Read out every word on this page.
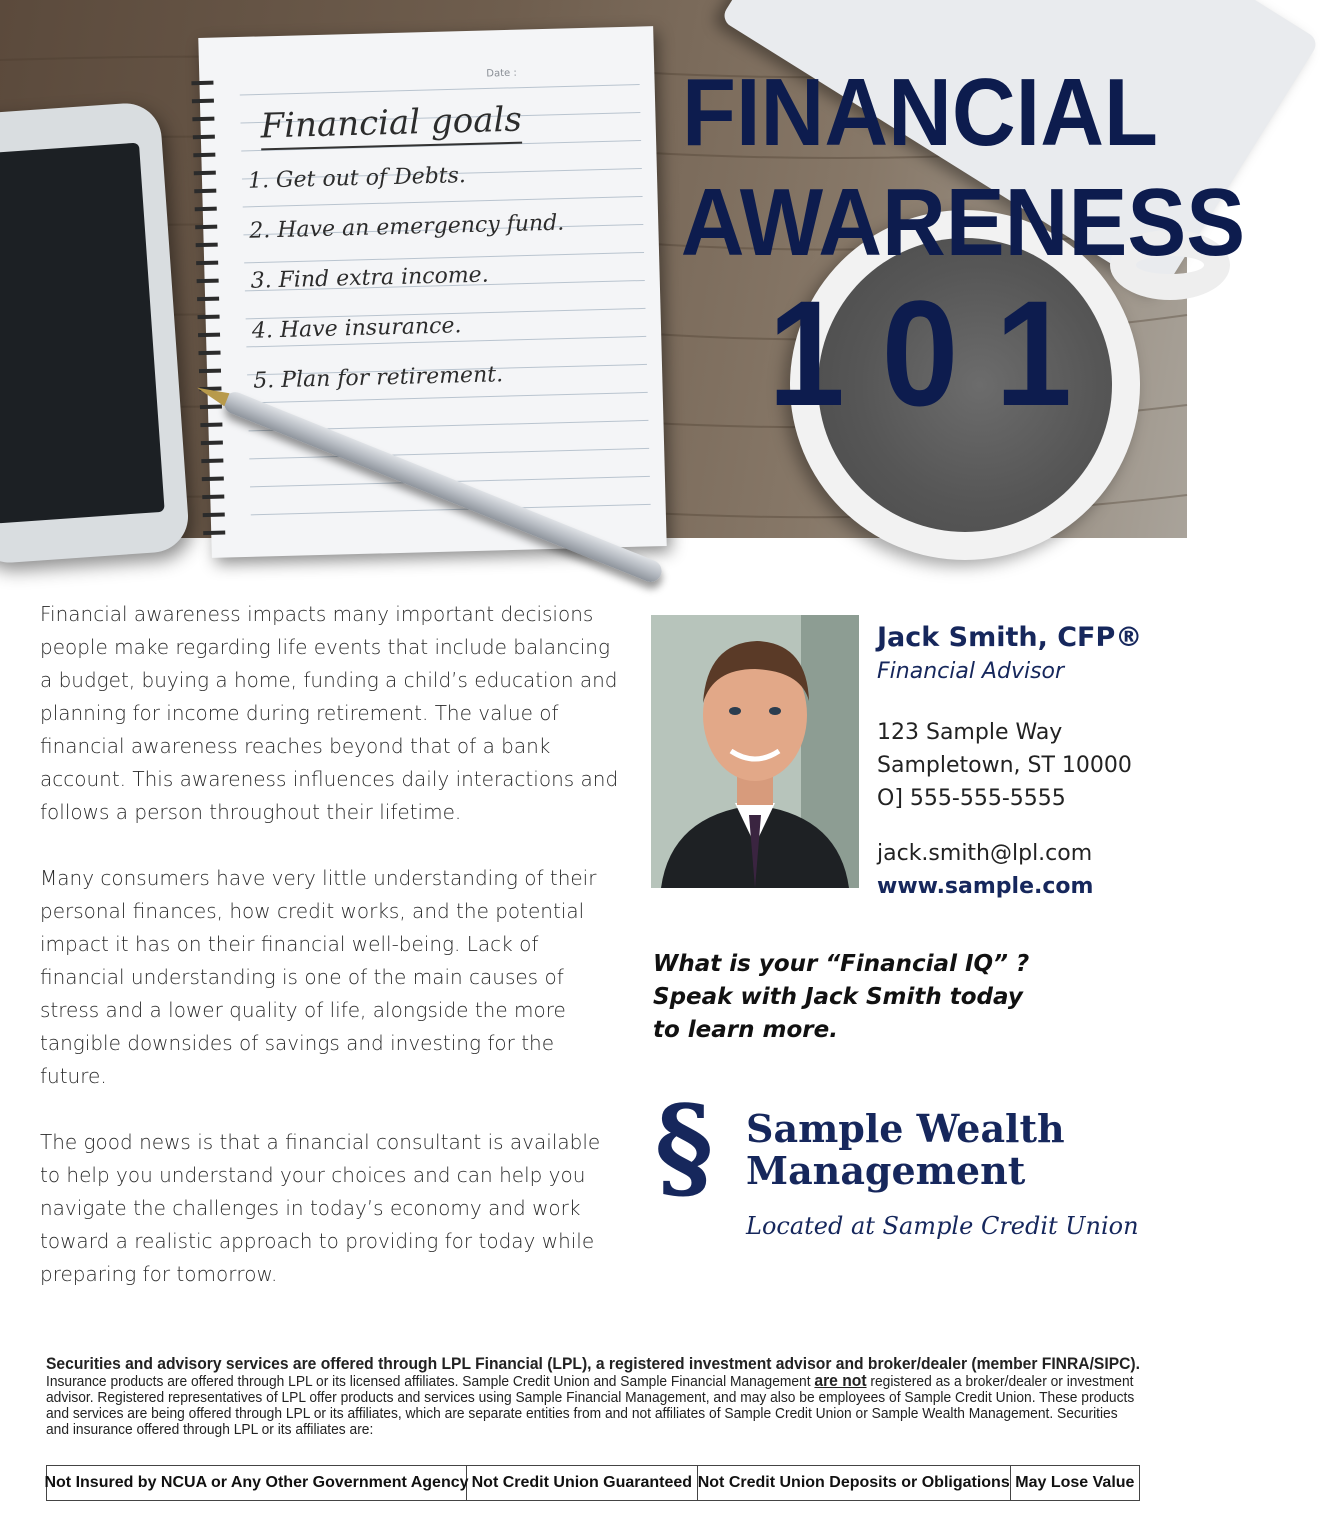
Date :
Financial goals
1. Get out of Debts.
2. Have an emergency fund.
3. Find extra income.
4. Have insurance.
5. Plan for retirement.
FINANCIAL
AWARENESS
101

Financial awareness impacts many important decisions people make regarding life events that include balancing a budget, buying a home, funding a child’s education and planning for income during retirement. The value of financial awareness reaches beyond that of a bank account. This awareness influences daily interactions and follows a person throughout their lifetime.

Many consumers have very little understanding of their personal finances, how credit works, and the potential impact it has on their financial well-being. Lack of financial understanding is one of the main causes of stress and a lower quality of life, alongside the more tangible downsides of savings and investing for the future.

The good news is that a financial consultant is available to help you understand your choices and can help you navigate the challenges in today’s economy and work toward a realistic approach to providing for today while preparing for tomorrow.

Jack Smith, CFP®

Financial Advisor

123 Sample Way
Sampletown, ST 10000
O] 555-555-5555
jack.smith@lpl.com
www.sample.com
What is your “Financial IQ” ?
Speak with Jack Smith today
to learn more.
§ Sample Wealth
Management
Located at Sample Credit Union
Securities and advisory services are offered through LPL Financial (LPL), a registered investment advisor and broker/dealer (member FINRA/SIPC). Insurance products are offered through LPL or its licensed affiliates. Sample Credit Union and Sample Financial Management are not registered as a broker/dealer or investment advisor. Registered representatives of LPL offer products and services using Sample Financial Management, and may also be employees of Sample Credit Union. These products and services are being offered through LPL or its affiliates, which are separate entities from and not affiliates of Sample Credit Union or Sample Wealth Management. Securities and insurance offered through LPL or its affiliates are:
Not Insured by NCUA or Any Other Government Agency Not Credit Union Guaranteed Not Credit Union Deposits or Obligations May Lose Value
